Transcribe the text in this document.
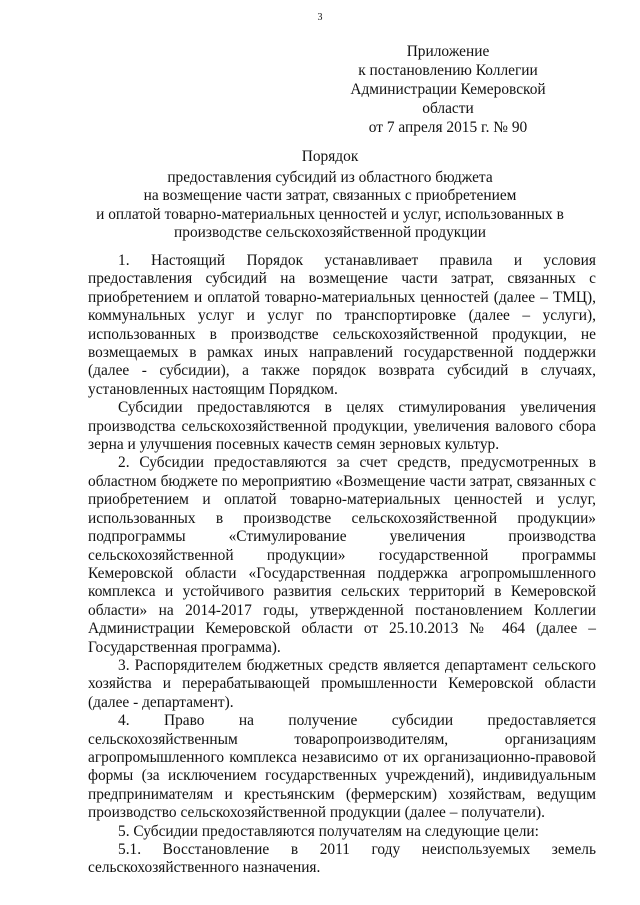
3
Приложение
к постановлению Коллегии
Администрации Кемеровской области
от 7 апреля 2015 г. № 90
Порядок
предоставления субсидий из областного бюджета
на возмещение части затрат, связанных с приобретением
и оплатой товарно-материальных ценностей и услуг, использованных в
производстве сельскохозяйственной продукции

1. Настоящий Порядок устанавливает правила и условия предоставления субсидий на возмещение части затрат, связанных с приобретением и оплатой товарно-материальных ценностей (далее – ТМЦ), коммунальных услуг и услуг по транспортировке (далее – услуги), использованных в производстве сельскохозяйственной продукции, не возмещаемых в рамках иных направлений государственной поддержки (далее - субсидии), а также порядок возврата субсидий в случаях, установленных настоящим Порядком.

Субсидии предоставляются в целях стимулирования увеличения производства сельскохозяйственной продукции, увеличения валового сбора зерна и улучшения посевных качеств семян зерновых культур.

2. Субсидии предоставляются за счет средств, предусмотренных в областном бюджете по мероприятию «Возмещение части затрат, связанных с приобретением и оплатой товарно-материальных ценностей и услуг, использованных в производстве сельскохозяйственной продукции» подпрограммы «Стимулирование увеличения производства сельскохозяйственной продукции» государственной программы Кемеровской области «Государственная поддержка агропромышленного комплекса и устойчивого развития сельских территорий в Кемеровской области» на 2014-2017 годы, утвержденной постановлением Коллегии Администрации Кемеровской области от 25.10.2013 № 464 (далее – Государственная программа).

3. Распорядителем бюджетных средств является департамент сельского хозяйства и перерабатывающей промышленности Кемеровской области (далее - департамент).

4. Право на получение субсидии предоставляется сельскохозяйственным товаропроизводителям, организациям агропромышленного комплекса независимо от их организационно-правовой формы (за исключением государственных учреждений), индивидуальным предпринимателям и крестьянским (фермерским) хозяйствам, ведущим производство сельскохозяйственной продукции (далее – получатели).

5. Субсидии предоставляются получателям на следующие цели:

5.1. Восстановление в 2011 году неиспользуемых земель сельскохозяйственного назначения.
